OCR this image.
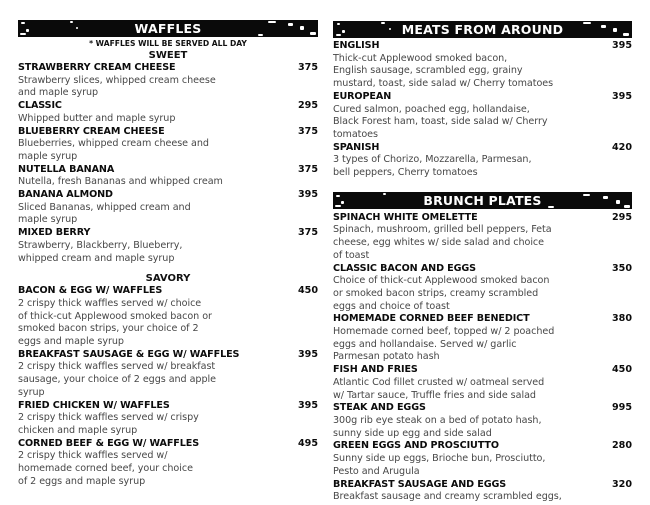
WAFFLES
* WAFFLES WILL BE SERVED ALL DAY
SWEET
STRAWBERRY CREAM CHEESE	375
Strawberry slices, whipped cream cheese
and maple syrup
CLASSIC	295
Whipped butter and maple syrup
BLUEBERRY CREAM CHEESE	375
Blueberries, whipped cream cheese and
maple syrup
NUTELLA BANANA	375
Nutella, fresh Bananas and whipped cream
BANANA ALMOND	395
Sliced Bananas, whipped cream and
maple syrup
MIXED BERRY	375
Strawberry, Blackberry, Blueberry,
whipped cream and maple syrup
SAVORY
BACON & EGG W/ WAFFLES	450
2 crispy thick waffles served w/ choice
of thick-cut Applewood smoked bacon or
smoked bacon strips, your choice of 2
eggs and maple syrup
BREAKFAST SAUSAGE & EGG W/ WAFFLES	395
2 crispy thick waffles served w/ breakfast
sausage, your choice of 2 eggs and apple
syrup
FRIED CHICKEN W/ WAFFLES	395
2 crispy thick waffles served w/ crispy
chicken and maple syrup
CORNED BEEF & EGG W/ WAFFLES	495
2 crispy thick waffles served w/
homemade corned beef, your choice
of 2 eggs and maple syrup
MEATS FROM AROUND
ENGLISH	395
Thick-cut Applewood smoked bacon,
English sausage, scrambled egg, grainy
mustard, toast, side salad w/ Cherry tomatoes
EUROPEAN	395
Cured salmon, poached egg, hollandaise,
Black Forest ham, toast, side salad w/ Cherry
tomatoes
SPANISH	420
3 types of Chorizo, Mozzarella, Parmesan,
bell peppers, Cherry tomatoes
BRUNCH PLATES
SPINACH WHITE OMELETTE	295
Spinach, mushroom, grilled bell peppers, Feta
cheese, egg whites w/ side salad and choice
of toast
CLASSIC BACON AND EGGS	350
Choice of thick-cut Applewood smoked bacon
or smoked bacon strips, creamy scrambled
eggs and choice of toast
HOMEMADE CORNED BEEF BENEDICT	380
Homemade corned beef, topped w/ 2 poached
eggs and hollandaise. Served w/ garlic
Parmesan potato hash
FISH AND FRIES	450
Atlantic Cod fillet crusted w/ oatmeal served
w/ Tartar sauce, Truffle fries and side salad
STEAK AND EGGS	995
300g rib eye steak on a bed of potato hash,
sunny side up egg and side salad
GREEN EGGS AND PROSCIUTTO	280
Sunny side up eggs, Brioche bun, Prosciutto,
Pesto and Arugula
BREAKFAST SAUSAGE AND EGGS	320
Breakfast sausage and creamy scrambled eggs,
